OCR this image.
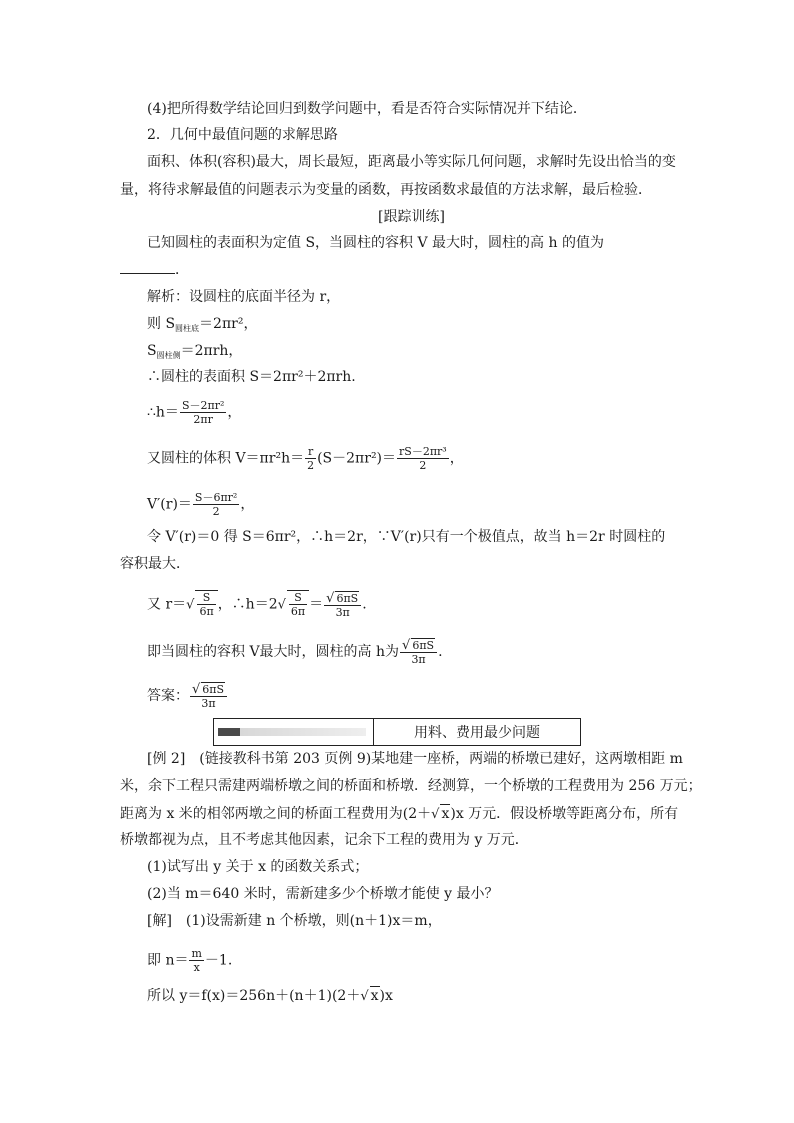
(4)把所得数学结论回归到数学问题中，看是否符合实际情况并下结论．
2．几何中最值问题的求解思路
面积、体积(容积)最大，周长最短，距离最小等实际几何问题，求解时先设出恰当的变
量，将待求解最值的问题表示为变量的函数，再按函数求最值的方法求解，最后检验．
[跟踪训练]
已知圆柱的表面积为定值 S，当圆柱的容积 V 最大时，圆柱的高 h 的值为
．
解析：设圆柱的底面半径为 r，
则 $S_{圆柱底}=2\pi r^2$，
$S_{圆柱侧}=2\pi rh$，
∴圆柱的表面积 S＝2πr²＋2πrh.
∴h＝ $\frac{\text{S－2πr²}}{2\pi r}$ ，
又圆柱的体积 $V=\pi r^2h= \frac{r}{2} (S-2\pi r^2)= \frac{\text{rS－2πr³}}{2}$ ，
$V'(r)= \frac{\text{S－6πr²}}{2}$ ，
令 V′(r)＝0 得 S＝6πr²，∴h＝2r，∵V′(r)只有一个极值点，故当 h＝2r 时圆柱的
容积最大．
又 $r=√ \frac{S}{6\pi}$ ，∴h＝2√ $\frac{S}{6\pi} = \frac{√ 6\pi S}{3\pi}$ .
即当圆柱的容积 V最大时，圆柱的高 h为 $\frac{√ 6\pi S}{3\pi}$ .
答案： $\frac{√ 6\pi S}{3\pi}$
用料、费用最少问题
[例 2]　(链接教科书第 203 页例 9)某地建一座桥，两端的桥墩已建好，这两墩相距 m
米，余下工程只需建两端桥墩之间的桥面和桥墩．经测算，一个桥墩的工程费用为 256 万元；
距离为 x 米的相邻两墩之间的桥面工程费用为(2＋√ x)x 万元．假设桥墩等距离分布，所有
桥墩都视为点，且不考虑其他因素，记余下工程的费用为 y 万元．
(1)试写出 y 关于 x 的函数关系式；
(2)当 m＝640 米时，需新建多少个桥墩才能使 y 最小？
[解]　(1)设需新建 n 个桥墩，则(n＋1)x＝m，
即 $n= \frac{m}{x} -1$.
所以 y＝f(x)＝256n＋(n＋1)(2＋√ x)x
